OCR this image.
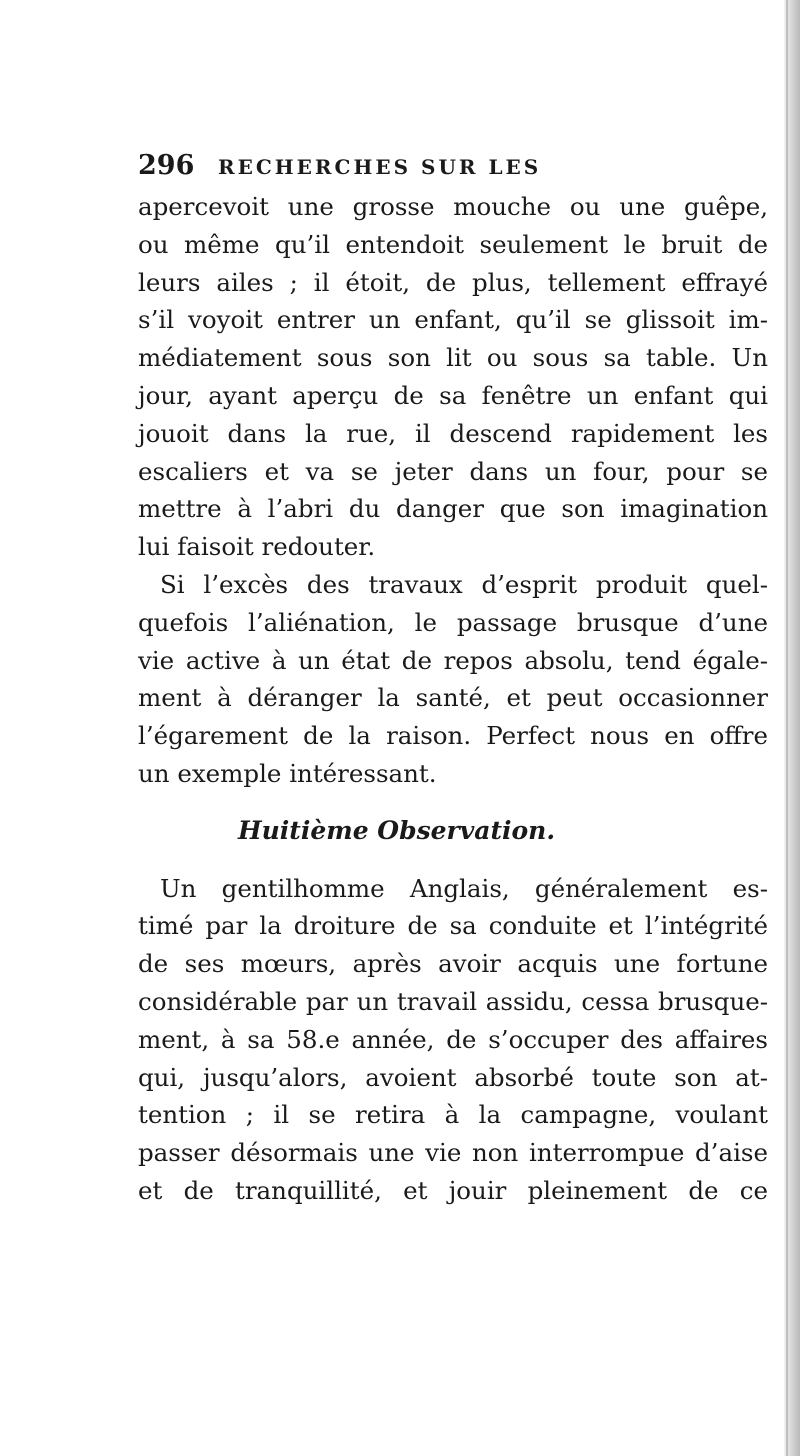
296	RECHERCHES SUR LES
apercevoit une grosse mouche ou une guêpe,
ou même qu’il entendoit seulement le bruit de
leurs ailes ; il étoit, de plus, tellement effrayé
s’il voyoit entrer un enfant, qu’il se glissoit im-
médiatement sous son lit ou sous sa table. Un
jour, ayant aperçu de sa fenêtre un enfant qui
jouoit dans la rue, il descend rapidement les
escaliers et va se jeter dans un four, pour se
mettre à l’abri du danger que son imagination
lui faisoit redouter.
Si l’excès des travaux d’esprit produit quel-
quefois l’aliénation, le passage brusque d’une
vie active à un état de repos absolu, tend égale-
ment à déranger la santé, et peut occasionner
l’égarement de la raison. Perfect nous en offre
un exemple intéressant.
Huitième Observation.
Un gentilhomme Anglais, généralement es-
timé par la droiture de sa conduite et l’intégrité
de ses mœurs, après avoir acquis une fortune
considérable par un travail assidu, cessa brusque-
ment, à sa 58.e année, de s’occuper des affaires
qui, jusqu’alors, avoient absorbé toute son at-
tention ; il se retira à la campagne, voulant
passer désormais une vie non interrompue d’aise
et de tranquillité, et jouir pleinement de ce
